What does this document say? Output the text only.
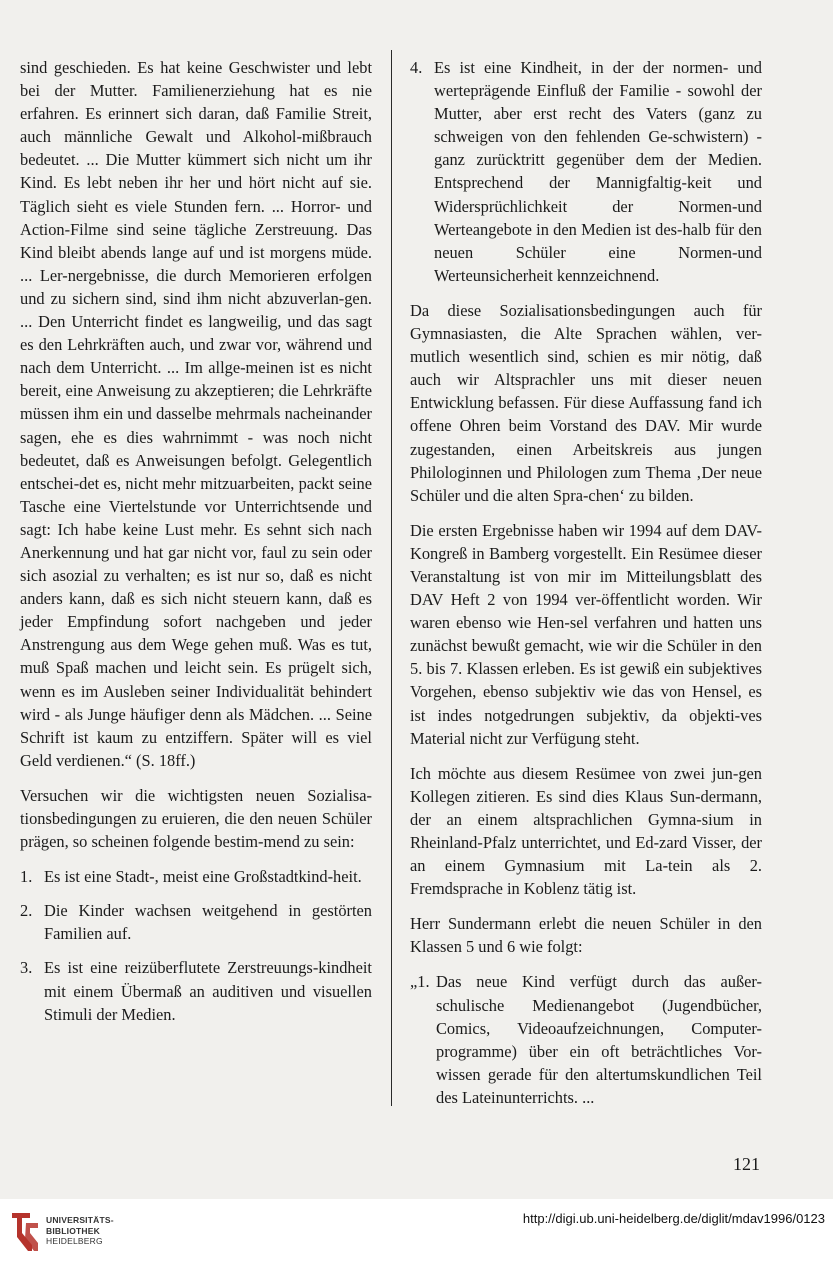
sind geschieden. Es hat keine Geschwister und lebt bei der Mutter. Familienerziehung hat es nie erfahren. Es erinnert sich daran, daß Familie Streit, auch männliche Gewalt und Alkohol-mißbrauch bedeutet. ... Die Mutter kümmert sich nicht um ihr Kind. Es lebt neben ihr her und hört nicht auf sie. Täglich sieht es viele Stunden fern. ... Horror- und Action-Filme sind seine tägliche Zerstreuung. Das Kind bleibt abends lange auf und ist morgens müde. ... Ler-nergebnisse, die durch Memorieren erfolgen und zu sichern sind, sind ihm nicht abzuverlan-gen. ... Den Unterricht findet es langweilig, und das sagt es den Lehrkräften auch, und zwar vor, während und nach dem Unterricht. ... Im allge-meinen ist es nicht bereit, eine Anweisung zu akzeptieren; die Lehrkräfte müssen ihm ein und dasselbe mehrmals nacheinander sagen, ehe es dies wahrnimmt - was noch nicht bedeutet, daß es Anweisungen befolgt. Gelegentlich entschei-det es, nicht mehr mitzuarbeiten, packt seine Tasche eine Viertelstunde vor Unterrichtsende und sagt: Ich habe keine Lust mehr. Es sehnt sich nach Anerkennung und hat gar nicht vor, faul zu sein oder sich asozial zu verhalten; es ist nur so, daß es nicht anders kann, daß es sich nicht steuern kann, daß es jeder Empfindung sofort nachgeben und jeder Anstrengung aus dem Wege gehen muß. Was es tut, muß Spaß machen und leicht sein. Es prügelt sich, wenn es im Ausleben seiner Individualität behindert wird - als Junge häufiger denn als Mädchen. ... Seine Schrift ist kaum zu entziffern. Später will es viel Geld verdienen.“ (S. 18ff.)

Versuchen wir die wichtigsten neuen Sozialisa-tionsbedingungen zu eruieren, die den neuen Schüler prägen, so scheinen folgende bestim-mend zu sein:

1. Es ist eine Stadt-, meist eine Großstadtkind-heit.
2. Die Kinder wachsen weitgehend in gestörten Familien auf.
3. Es ist eine reizüberflutete Zerstreuungs-kindheit mit einem Übermaß an auditiven und visuellen Stimuli der Medien.
4. Es ist eine Kindheit, in der der normen- und werteprägende Einfluß der Familie - sowohl der Mutter, aber erst recht des Vaters (ganz zu schweigen von den fehlenden Ge-schwistern) - ganz zurücktritt gegenüber dem der Medien. Entsprechend der Mannigfaltig-keit und Widersprüchlichkeit der Normen-und Werteangebote in den Medien ist des-halb für den neuen Schüler eine Normen-und Werteunsicherheit kennzeichnend.

Da diese Sozialisationsbedingungen auch für Gymnasiasten, die Alte Sprachen wählen, ver-mutlich wesentlich sind, schien es mir nötig, daß auch wir Altsprachler uns mit dieser neuen Entwicklung befassen. Für diese Auffassung fand ich offene Ohren beim Vorstand des DAV. Mir wurde zugestanden, einen Arbeitskreis aus jungen Philologinnen und Philologen zum Thema ‚Der neue Schüler und die alten Spra-chen‘ zu bilden.

Die ersten Ergebnisse haben wir 1994 auf dem DAV-Kongreß in Bamberg vorgestellt. Ein Resümee dieser Veranstaltung ist von mir im Mitteilungsblatt des DAV Heft 2 von 1994 ver-öffentlicht worden. Wir waren ebenso wie Hen-sel verfahren und hatten uns zunächst bewußt gemacht, wie wir die Schüler in den 5. bis 7. Klassen erleben. Es ist gewiß ein subjektives Vorgehen, ebenso subjektiv wie das von Hensel, es ist indes notgedrungen subjektiv, da objekti-ves Material nicht zur Verfügung steht.

Ich möchte aus diesem Resümee von zwei jun-gen Kollegen zitieren. Es sind dies Klaus Sun-dermann, der an einem altsprachlichen Gymna-sium in Rheinland-Pfalz unterrichtet, und Ed-zard Visser, der an einem Gymnasium mit La-tein als 2. Fremdsprache in Koblenz tätig ist.

Herr Sundermann erlebt die neuen Schüler in den Klassen 5 und 6 wie folgt:

„1. Das neue Kind verfügt durch das außer-schulische Medienangebot (Jugendbücher, Comics, Videoaufzeichnungen, Computer-programme) über ein oft beträchtliches Vor-wissen gerade für den altertumskundlichen Teil des Lateinunterrichts. ...
121
UNIVERSITÄTS-
BIBLIOTHEK
HEIDELBERG
http://digi.ub.uni-heidelberg.de/diglit/mdav1996/0123
